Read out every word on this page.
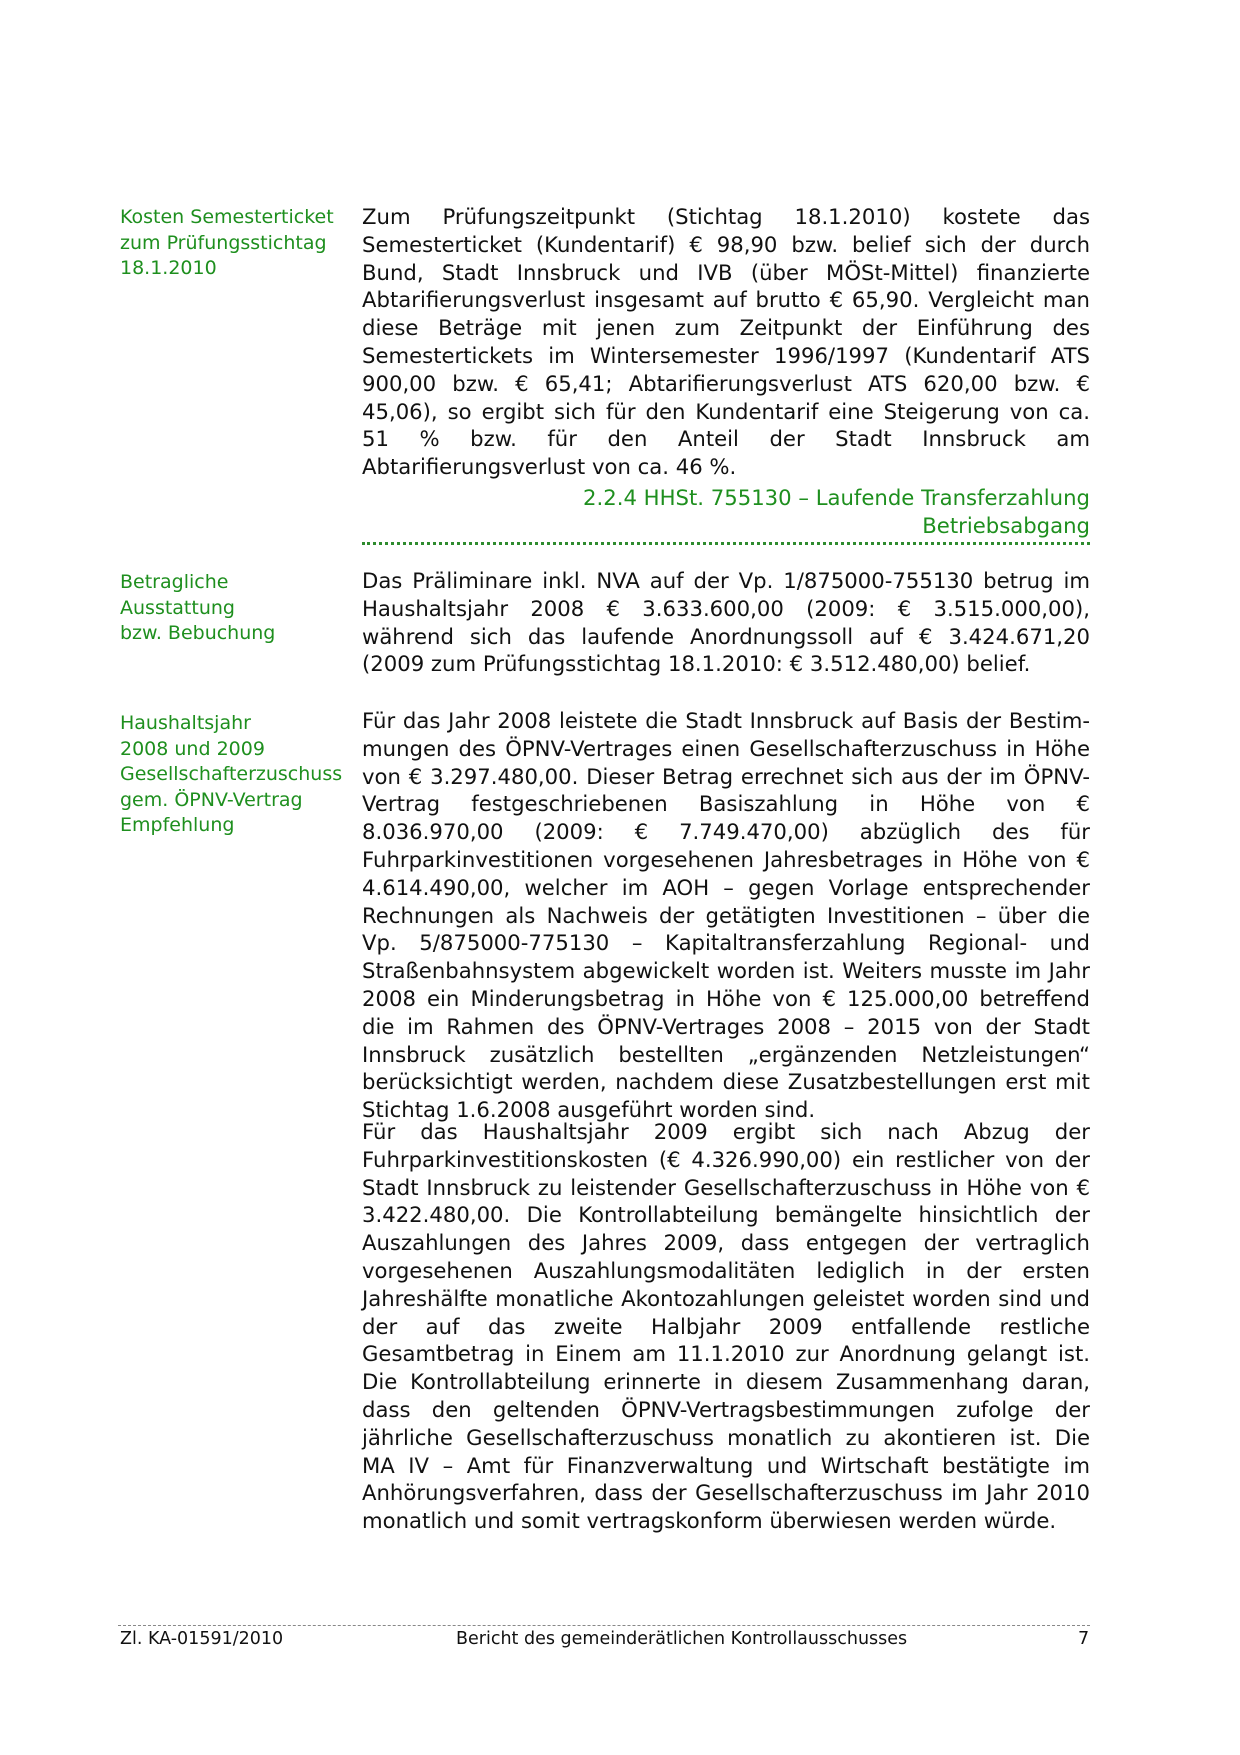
Kosten Semesterticket
zum Prüfungsstichtag
18.1.2010
Betragliche Ausstattung
bzw. Bebuchung
Haushaltsjahr
2008 und 2009
Gesellschafterzuschuss
gem. ÖPNV-Vertrag
Empfehlung

Zum Prüfungszeitpunkt (Stichtag 18.1.2010) kostete das Semesterticket (Kundentarif) € 98,90 bzw. belief sich der durch Bund, Stadt Innsbruck und IVB (über MÖSt-Mittel) finanzierte Abtarifierungsverlust insgesamt auf brutto € 65,90. Vergleicht man diese Beträge mit jenen zum Zeitpunkt der Einführung des Semestertickets im Wintersemester 1996/1997 (Kundentarif ATS 900,00 bzw. € 65,41; Abtarifierungsverlust ATS 620,00 bzw. € 45,06), so ergibt sich für den Kundentarif eine Steigerung von ca. 51 % bzw. für den Anteil der Stadt Innsbruck am Abtarifierungsverlust von ca. 46 %.

2.2.4 HHSt. 755130 – Laufende Transferzahlung
Betriebsabgang

Das Präliminare inkl. NVA auf der Vp. 1/875000-755130 betrug im Haushaltsjahr 2008 € 3.633.600,00 (2009: € 3.515.000,00), während sich das laufende Anordnungssoll auf € 3.424.671,20 (2009 zum Prüfungsstichtag 18.1.2010: € 3.512.480,00) belief.

Für das Jahr 2008 leistete die Stadt Innsbruck auf Basis der Bestimmungen des ÖPNV-Vertrages einen Gesellschafterzuschuss in Höhe von € 3.297.480,00. Dieser Betrag errechnet sich aus der im ÖPNV-Vertrag festgeschriebenen Basiszahlung in Höhe von € 8.036.970,00 (2009: € 7.749.470,00) abzüglich des für Fuhrparkinvestitionen vorgesehenen Jahresbetrages in Höhe von € 4.614.490,00, welcher im AOH – gegen Vorlage entsprechender Rechnungen als Nachweis der getätigten Investitionen – über die Vp. 5/875000-775130 – Kapitaltransferzahlung Regional- und Straßenbahnsystem abgewickelt worden ist. Weiters musste im Jahr 2008 ein Minderungsbetrag in Höhe von € 125.000,00 betreffend die im Rahmen des ÖPNV-Vertrages 2008 – 2015 von der Stadt Innsbruck zusätzlich bestellten „ergänzenden Netzleistungen“ berücksichtigt werden, nachdem diese Zusatzbestellungen erst mit Stichtag 1.6.2008 ausgeführt worden sind.

Für das Haushaltsjahr 2009 ergibt sich nach Abzug der Fuhrparkinvestitionskosten (€ 4.326.990,00) ein restlicher von der Stadt Innsbruck zu leistender Gesellschafterzuschuss in Höhe von € 3.422.480,00. Die Kontrollabteilung bemängelte hinsichtlich der Auszahlungen des Jahres 2009, dass entgegen der vertraglich vorgesehenen Auszahlungsmodalitäten lediglich in der ersten Jahreshälfte monatliche Akontozahlungen geleistet worden sind und der auf das zweite Halbjahr 2009 entfallende restliche Gesamtbetrag in Einem am 11.1.2010 zur Anordnung gelangt ist. Die Kontrollabteilung erinnerte in diesem Zusammenhang daran, dass den geltenden ÖPNV-Vertragsbestimmungen zufolge der jährliche Gesellschafterzuschuss monatlich zu akontieren ist. Die MA IV – Amt für Finanzverwaltung und Wirtschaft bestätigte im Anhörungsverfahren, dass der Gesellschafterzuschuss im Jahr 2010 monatlich und somit vertragskonform überwiesen werden würde.

Zl. KA-01591/2010	Bericht des gemeinderätlichen Kontrollausschusses	7
